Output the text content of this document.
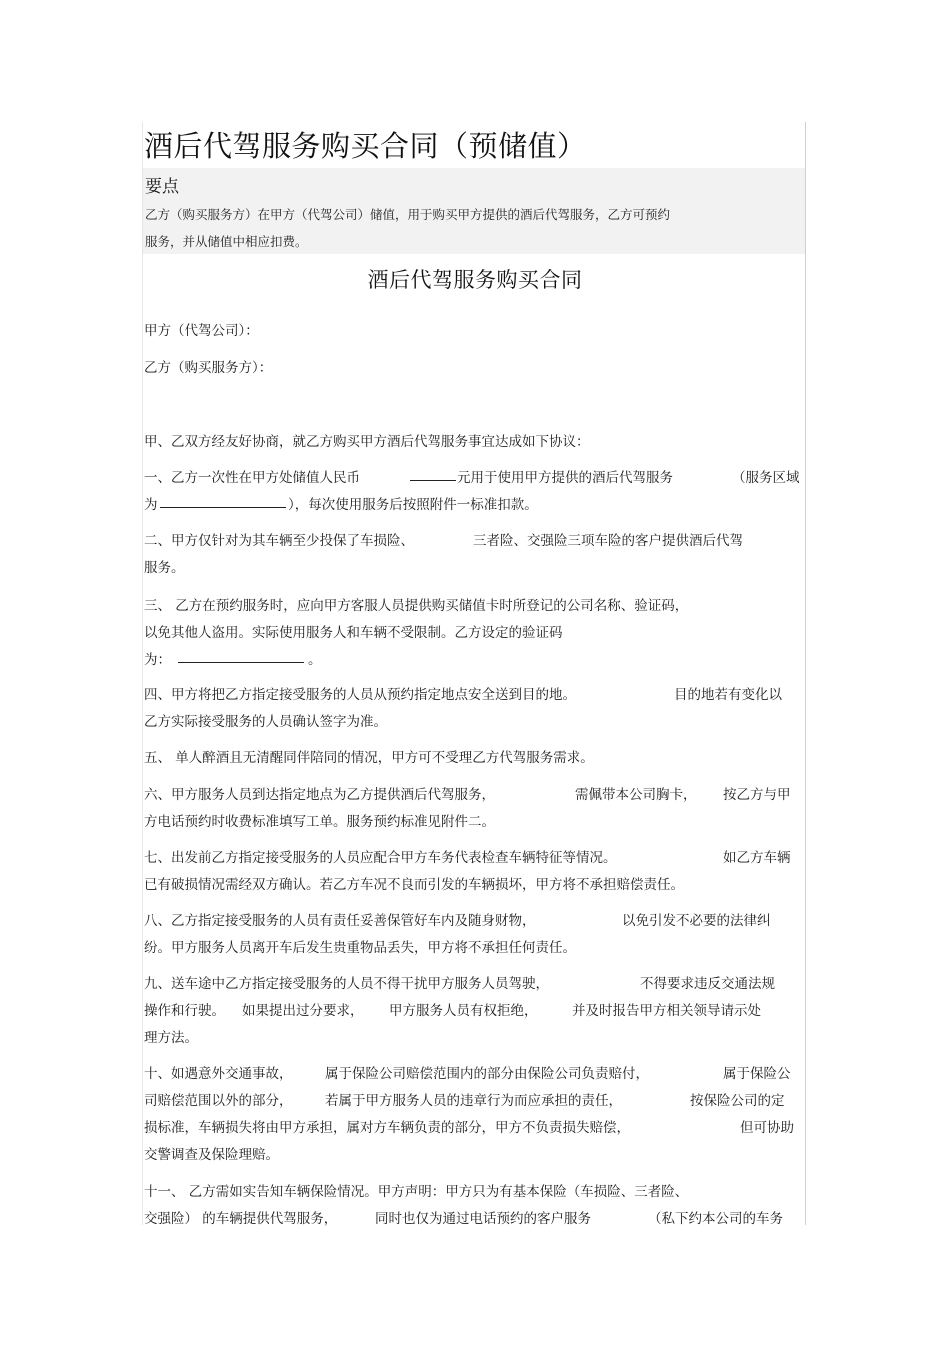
酒后代驾服务购买合同（预储值）
要点
乙方（购买服务方）在甲方（代驾公司）储值，用于购买甲方提供的酒后代驾服务，乙方可预约
服务，并从储值中相应扣费。
酒后代驾服务购买合同
甲方（代驾公司）：
乙方（购买服务方）：
甲、乙双方经友好协商，就乙方购买甲方酒后代驾服务事宜达成如下协议：
一、乙方一次性在甲方处储值人民币	元用于使用甲方提供的酒后代驾服务	（服务区域
为	），每次使用服务后按照附件一标准扣款。
二、甲方仅针对为其车辆至少投保了车损险、	三者险、交强险三项车险的客户提供酒后代驾
服务。
三、 乙方在预约服务时，应向甲方客服人员提供购买储值卡时所登记的公司名称、验证码，
以免其他人盗用。实际使用服务人和车辆不受限制。乙方设定的验证码
为：	。
四、甲方将把乙方指定接受服务的人员从预约指定地点安全送到目的地。	目的地若有变化以
乙方实际接受服务的人员确认签字为准。
五、 单人醉酒且无清醒同伴陪同的情况，甲方可不受理乙方代驾服务需求。
六、甲方服务人员到达指定地点为乙方提供酒后代驾服务，	需佩带本公司胸卡， 按乙方与甲
方电话预约时收费标准填写工单。服务预约标准见附件二。
七、出发前乙方指定接受服务的人员应配合甲方车务代表检查车辆特征等情况。	如乙方车辆
已有破损情况需经双方确认。若乙方车况不良而引发的车辆损坏，甲方将不承担赔偿责任。
八、乙方指定接受服务的人员有责任妥善保管好车内及随身财物，	以免引发不必要的法律纠
纷。甲方服务人员离开车后发生贵重物品丢失，甲方将不承担任何责任。
九、送车途中乙方指定接受服务的人员不得干扰甲方服务人员驾驶，	不得要求违反交通法规
操作和行驶。 如果提出过分要求， 甲方服务人员有权拒绝，	并及时报告甲方相关领导请示处
理方法。
十、如遇意外交通事故， 属于保险公司赔偿范围内的部分由保险公司负责赔付，	属于保险公
司赔偿范围以外的部分， 若属于甲方服务人员的违章行为而应承担的责任，	按保险公司的定
损标准，车辆损失将由甲方承担，属对方车辆负责的部分，甲方不负责损失赔偿，	但可协助
交警调查及保险理赔。
十一、 乙方需如实告知车辆保险情况。甲方声明：甲方只为有基本保险（车损险、三者险、
交强险） 的车辆提供代驾服务，	同时也仅为通过电话预约的客户服务	（私下约本公司的车务
